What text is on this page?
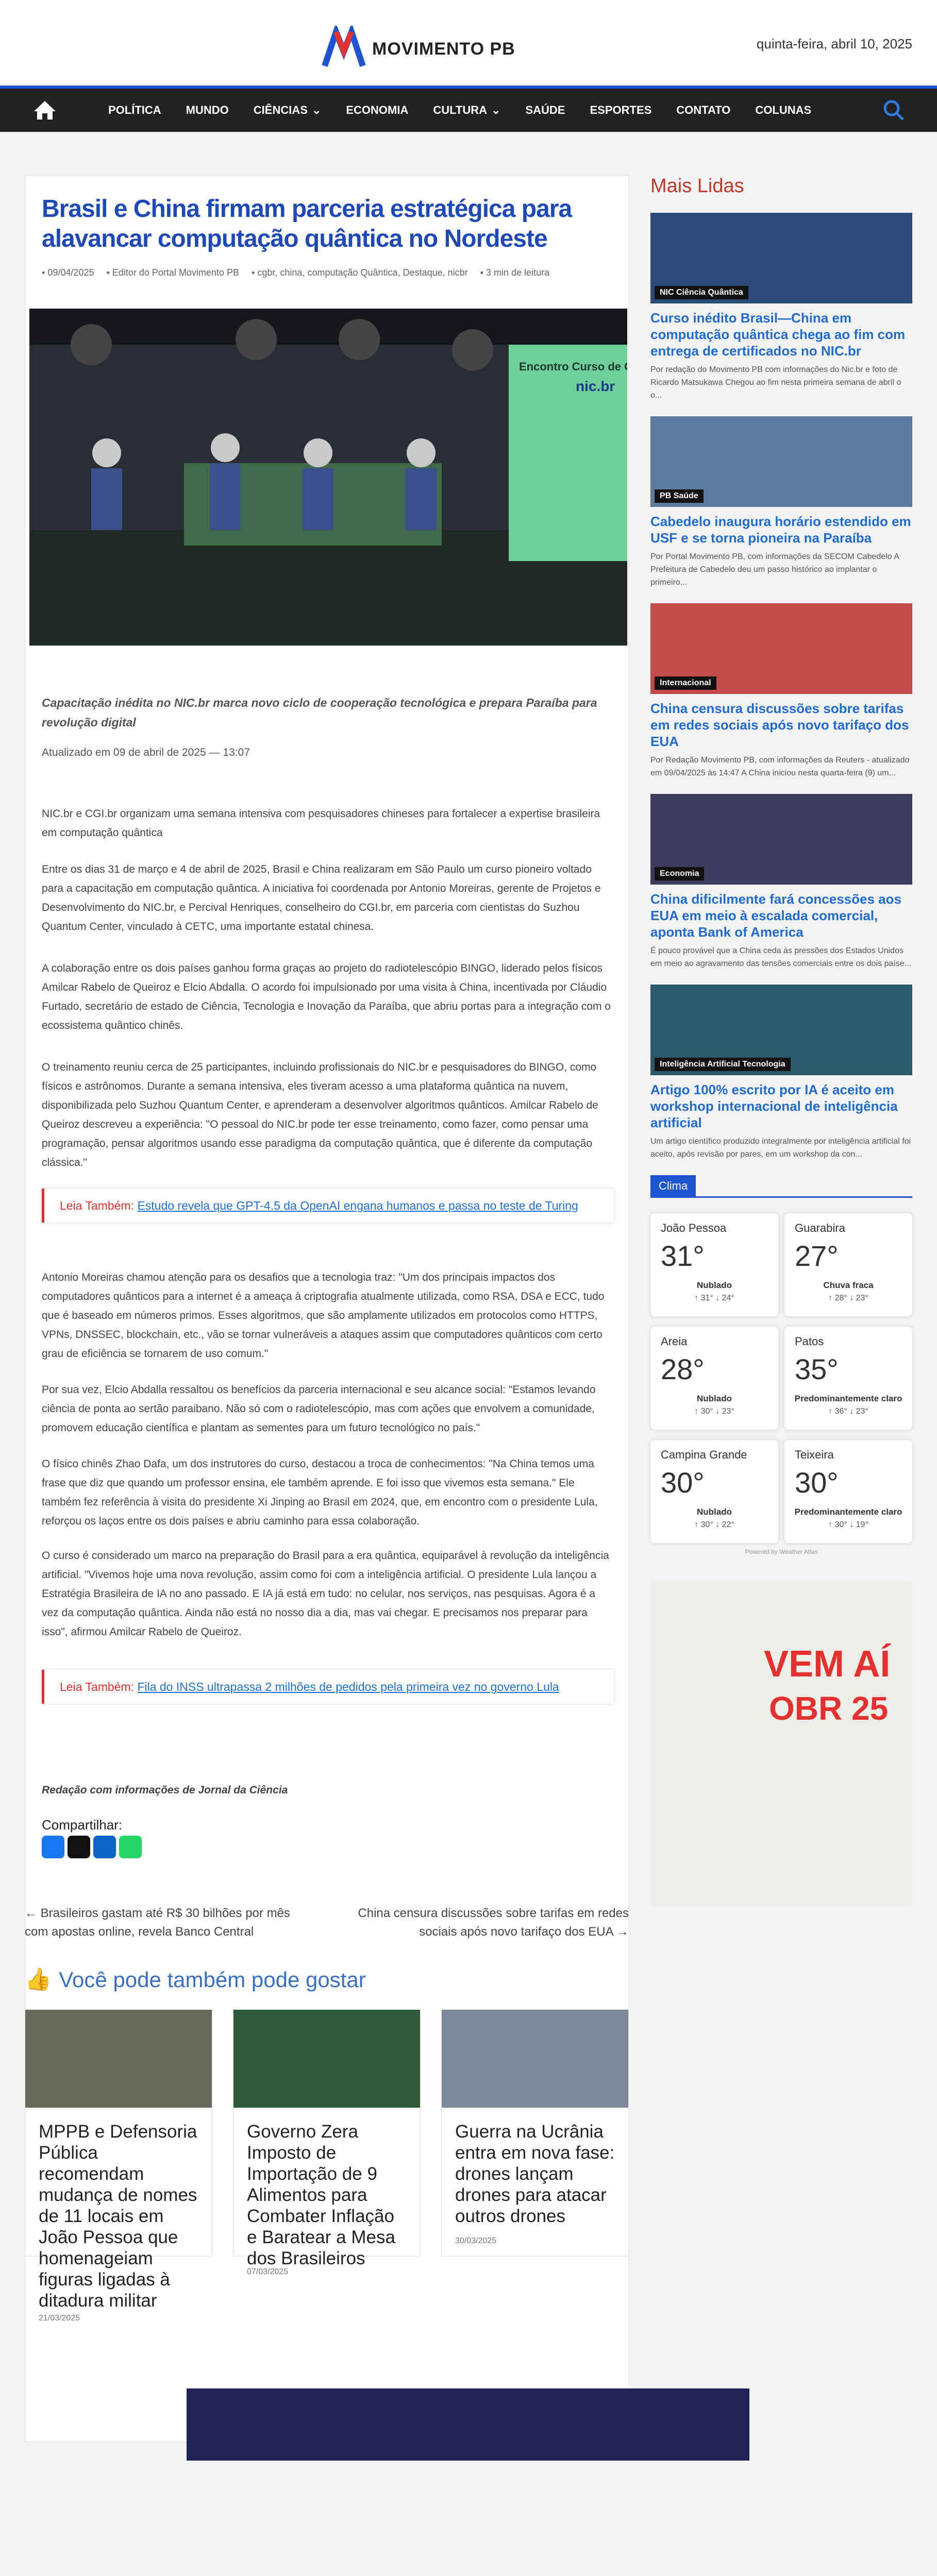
MOVIMENTO PB	quinta-feira, abril 10, 2025
POLÍTICA MUNDO CIÊNCIAS ⌄ ECONOMIA CULTURA ⌄ SAÚDE ESPORTES CONTATO COLUNAS
Brasil e China firmam parceria estratégica para alavancar computação quântica no Nordeste
▪ 09/04/2025 ▪ Editor do Portal Movimento PB ▪ cgbr, china, computação Quântica, Destaque, nicbr ▪ 3 min de leitura
Encontro Curso de
nic.br

Capacitação inédita no NIC.br marca novo ciclo de cooperação tecnológica e prepara Paraíba para revolução digital

Atualizado em 09 de abril de 2025 — 13:07

NIC.br e CGI.br organizam uma semana intensiva com pesquisadores chineses para fortalecer a expertise brasileira em computação quântica

Entre os dias 31 de março e 4 de abril de 2025, Brasil e China realizaram em São Paulo um curso pioneiro voltado para a capacitação em computação quântica. A iniciativa foi coordenada por Antonio Moreiras, gerente de Projetos e Desenvolvimento do NIC.br, e Percival Henriques, conselheiro do CGI.br, em parceria com cientistas do Suzhou Quantum Center, vinculado à CETC, uma importante estatal chinesa.

A colaboração entre os dois países ganhou forma graças ao projeto do radiotelescópio BINGO, liderado pelos físicos Amilcar Rabelo de Queiroz e Elcio Abdalla. O acordo foi impulsionado por uma visita à China, incentivada por Cláudio Furtado, secretário de estado de Ciência, Tecnologia e Inovação da Paraíba, que abriu portas para a integração com o ecossistema quântico chinês.

O treinamento reuniu cerca de 25 participantes, incluindo profissionais do NIC.br e pesquisadores do BINGO, como físicos e astrônomos. Durante a semana intensiva, eles tiveram acesso a uma plataforma quântica na nuvem, disponibilizada pelo Suzhou Quantum Center, e aprenderam a desenvolver algoritmos quânticos. Amilcar Rabelo de Queiroz descreveu a experiência: "O pessoal do NIC.br pode ter esse treinamento, como fazer, como pensar uma programação, pensar algoritmos usando esse paradigma da computação quântica, que é diferente da computação clássica."

Leia Também: Estudo revela que GPT-4.5 da OpenAI engana humanos e passa no teste de Turing

Antonio Moreiras chamou atenção para os desafios que a tecnologia traz: "Um dos principais impactos dos computadores quânticos para a internet é a ameaça à criptografia atualmente utilizada, como RSA, DSA e ECC, tudo que é baseado em números primos. Esses algoritmos, que são amplamente utilizados em protocolos como HTTPS, VPNs, DNSSEC, blockchain, etc., vão se tornar vulneráveis a ataques assim que computadores quânticos com certo grau de eficiência se tornarem de uso comum."

Por sua vez, Elcio Abdalla ressaltou os benefícios da parceria internacional e seu alcance social: "Estamos levando ciência de ponta ao sertão paraibano. Não só com o radiotelescópio, mas com ações que envolvem a comunidade, promovem educação científica e plantam as sementes para um futuro tecnológico no país."

O físico chinês Zhao Dafa, um dos instrutores do curso, destacou a troca de conhecimentos: "Na China temos uma frase que diz que quando um professor ensina, ele também aprende. E foi isso que vivemos esta semana." Ele também fez referência à visita do presidente Xi Jinping ao Brasil em 2024, que, em encontro com o presidente Lula, reforçou os laços entre os dois países e abriu caminho para essa colaboração.

O curso é considerado um marco na preparação do Brasil para a era quântica, equiparável à revolução da inteligência artificial. "Vivemos hoje uma nova revolução, assim como foi com a inteligência artificial. O presidente Lula lançou a Estratégia Brasileira de IA no ano passado. E IA já está em tudo: no celular, nos serviços, nas pesquisas. Agora é a vez da computação quântica. Ainda não está no nosso dia a dia, mas vai chegar. E precisamos nos preparar para isso", afirmou Amilcar Rabelo de Queiroz.

Leia Também: Fila do INSS ultrapassa 2 milhões de pedidos pela primeira vez no governo Lula

Redação com informações de Jornal da Ciência

Compartilhar:
← Brasileiros gastam até R$ 30 bilhões por mês com apostas online, revela Banco Central
China censura discussões sobre tarifas em redes sociais após novo tarifaço dos EUA →
👍 Você pode também pode gostar
MPPB e Defensoria Pública recomendam mudança de nomes de 11 locais em João Pessoa que homenageiam figuras ligadas à ditadura militar
21/03/2025
Governo Zera Imposto de Importação de 9 Alimentos para Combater Inflação e Baratear a Mesa dos Brasileiros
07/03/2025
Guerra na Ucrânia entra em nova fase: drones lançam drones para atacar outros drones
30/03/2025
Mais Lidas
NIC Ciência Quântica
Curso inédito Brasil—China em computação quântica chega ao fim com entrega de certificados no NIC.br
Por redação do Movimento PB com informações do Nic.br e foto de Ricardo Matsukawa Chegou ao fim nesta primeira semana de abril o o...
PB Saúde
Cabedelo inaugura horário estendido em USF e se torna pioneira na Paraíba
Por Portal Movimento PB, com informações da SECOM Cabedelo A Prefeitura de Cabedelo deu um passo histórico ao implantar o primeiro...
Internacional
China censura discussões sobre tarifas em redes sociais após novo tarifaço dos EUA
Por Redação Movimento PB, com informações da Reuters - atualizado em 09/04/2025 às 14:47 A China iniciou nesta quarta-feira (9) um...
Economia
China dificilmente fará concessões aos EUA em meio à escalada comercial, aponta Bank of America
É pouco provável que a China ceda às pressões dos Estados Unidos em meio ao agravamento das tensões comerciais entre os dois paíse...
Inteligência Artificial Tecnologia
Artigo 100% escrito por IA é aceito em workshop internacional de inteligência artificial
Um artigo científico produzido integralmente por inteligência artificial foi aceito, após revisão por pares, em um workshop da con...
Clima
João Pessoa
31°
Nublado
↑ 31° ↓ 24°
Guarabira
27°
Chuva fraca
↑ 28° ↓ 23°
Areia
28°
Nublado
↑ 30° ↓ 23°
Patos
35°
Predominantemente claro
↑ 36° ↓ 23°
Campina Grande
30°
Nublado
↑ 30° ↓ 22°
Teixeira
30°
Predominantemente claro
↑ 30° ↓ 19°
Powered by Weather Atlas
VEM AÍ
OBR 25
